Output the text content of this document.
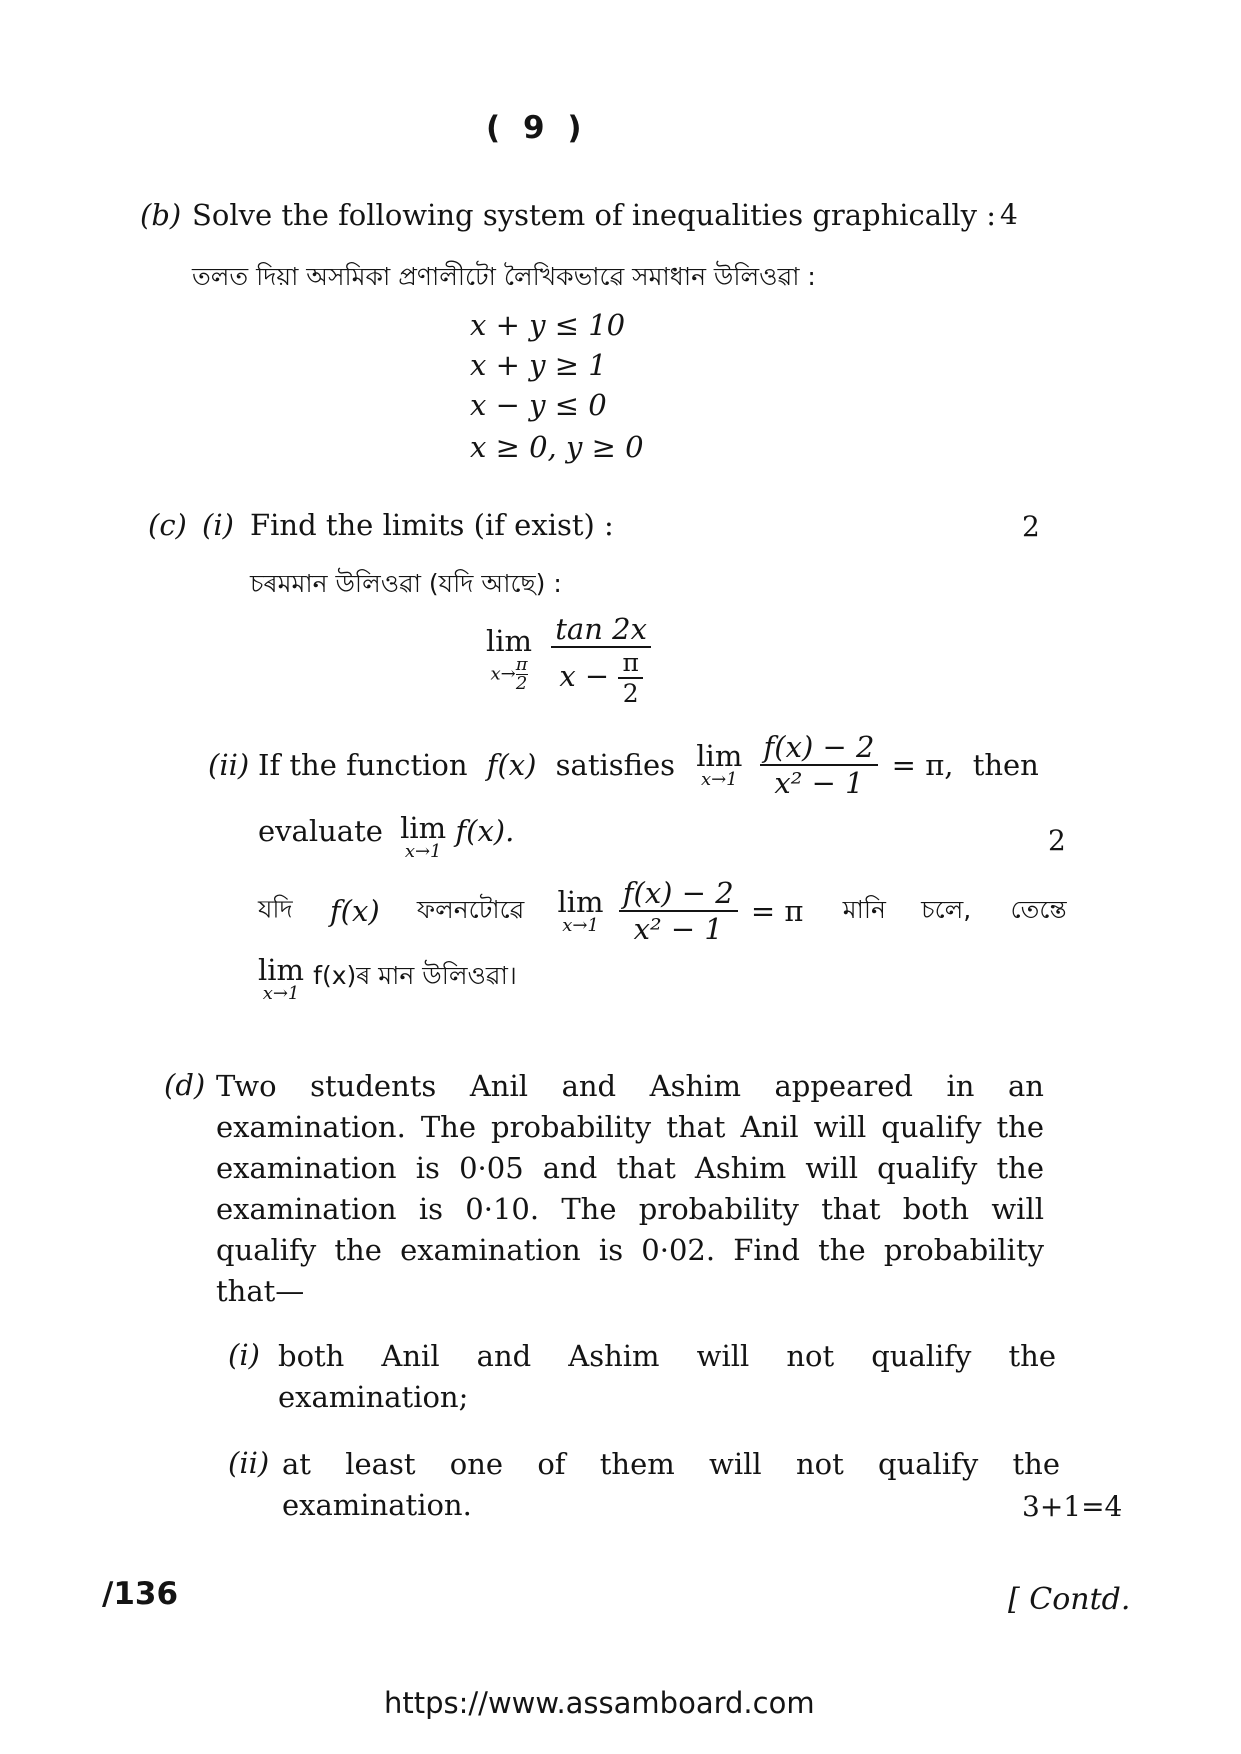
( 9 )
(b) Solve the following system of inequalities graphically : 4
তলত দিয়া অসমিকা প্ৰণালীটো লৈখিকভাৱে সমাধান উলিওৱা :
x + y ≤ 10
x + y ≥ 1
x − y ≤ 0
x ≥ 0, y ≥ 0
(c) (i) Find the limits (if exist) :	2
চৰমমান উলিওৱা (যদি আছে) :
lim
$x\to \frac{\pi}{2}$
$\frac{\tan 2x}{x - \frac{\pi}{2}}$
(ii) If the function f(x) satisfies lim
x→1
$\frac{f(x) - 2}{\text{x² − 1}} = \pi$, then
evaluate lim
x→1
f(x).	2
যদি f(x) ফলনটোৱে lim
x→1
$\frac{f(x) - 2}{\text{x² − 1}} = \pi$ মানি চলে, তেন্তে
lim
x→1
f(x)ৰ মান উলিওৱা।
(d) Two students Anil and Ashim appeared in an
examination. The probability that Anil will qualify the
examination is 0·05 and that Ashim will qualify the
examination is 0·10. The probability that both will
qualify the examination is 0·02. Find the probability
that—
(i) both Anil and Ashim will not qualify the
examination;
(ii) at least one of them will not qualify the
examination.	3+1=4
/136	[ Contd.
https://www.assamboard.com
